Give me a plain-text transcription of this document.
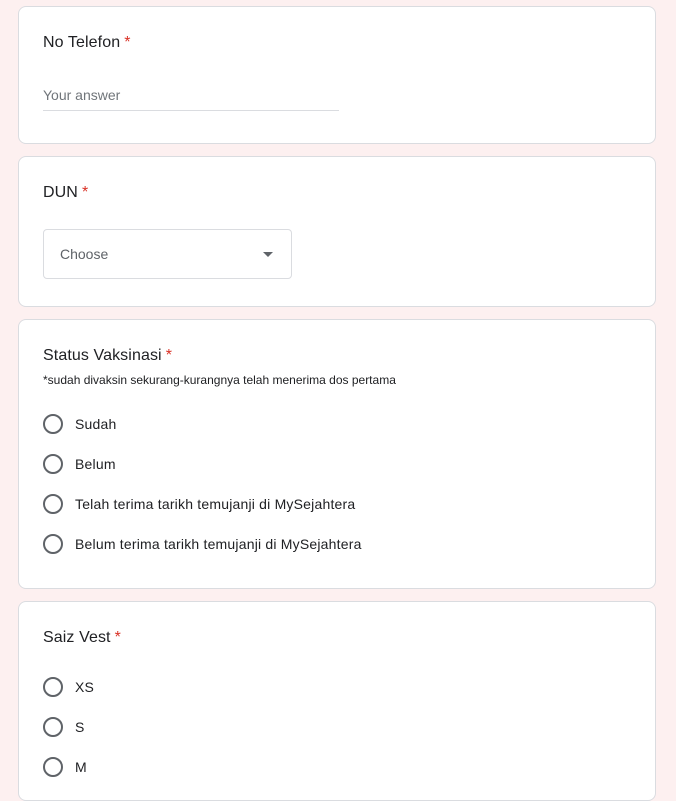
No Telefon *
Your answer
DUN *
Choose
Status Vaksinasi *
*sudah divaksin sekurang-kurangnya telah menerima dos pertama
Sudah
Belum
Telah terima tarikh temujanji di MySejahtera
Belum terima tarikh temujanji di MySejahtera
Saiz Vest *
XS
S
M
